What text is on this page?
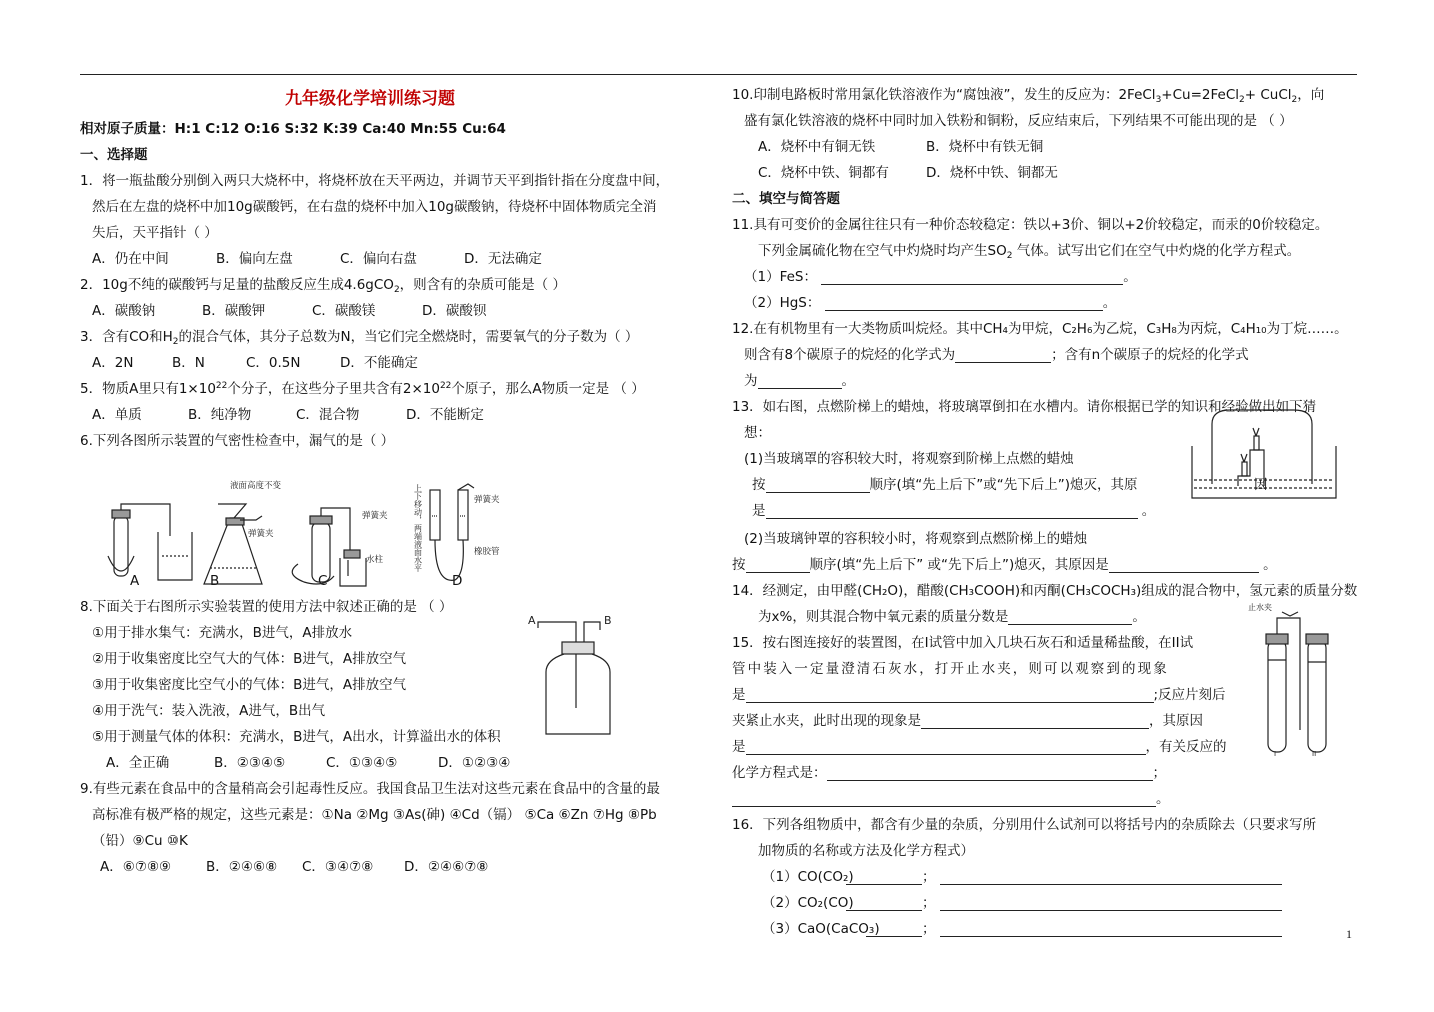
九年级化学培训练习题
相对原子质量：H:1 C:12 O:16 S:32 K:39 Ca:40 Mn:55 Cu:64
一、选择题
1．将一瓶盐酸分别倒入两只大烧杯中，将烧杯放在天平两边，并调节天平到指针指在分度盘中间，
然后在左盘的烧杯中加10g碳酸钙，在右盘的烧杯中加入10g碳酸钠，待烧杯中固体物质完全消
失后，天平指针（ ）
A．仍在中间	B．偏向左盘	C．偏向右盘	D．无法确定
2．10g不纯的碳酸钙与足量的盐酸反应生成4.6gCO$_2$，则含有的杂质可能是（ ）
A．碳酸钠	B．碳酸钾	C．碳酸镁	D．碳酸钡
3．含有CO和$H_2$的混合气体，其分子总数为N，当它们完全燃烧时，需要氧气的分子数为（ ）
A．2N	B．N	C．0.5N	D．不能确定
5．物质A里只有$1\times 10^{22}$个分子，在这些分子里共含有$2\times 10^{22}$个原子，那么A物质一定是 （ ）
A．单质	B．纯净物	C．混合物	D．不能断定
6.下列各图所示装置的气密性检查中，漏气的是（ ）
A	B	C	D
8.下面关于右图所示实验装置的使用方法中叙述正确的是 （ ）
①用于排水集气：充满水，B进气，A排放水
②用于收集密度比空气大的气体：B进气，A排放空气
③用于收集密度比空气小的气体：B进气，A排放空气
④用于洗气：装入洗液，A进气，B出气
⑤用于测量气体的体积：充满水，B进气，A出水，计算溢出水的体积
A．全正确	B．②③④⑤	C．①③④⑤	D．①②③④
9.有些元素在食品中的含量稍高会引起毒性反应。我国食品卫生法对这些元素在食品中的含量的最
高标准有极严格的规定，这些元素是：①Na ②Mg ③As(砷) ④Cd（镉） ⑤Ca ⑥Zn ⑦Hg ⑧Pb
（铅）⑨Cu ⑩K
A．⑥⑦⑧⑨	B．②④⑥⑧ C．③④⑦⑧ D．②④⑥⑦⑧
液面高度不变
弹簧夹
弹簧夹
水柱
弹簧夹
橡胶管
上下移动，两端液面水平
A	B
10.印制电路板时常用氯化铁溶液作为“腐蚀液”，发生的反应为：2FeCl$_3$+Cu=2FeCl$_2$+ CuCl$_2$，向
盛有氯化铁溶液的烧杯中同时加入铁粉和铜粉，反应结束后，下列结果不可能出现的是 （ ）
A．烧杯中有铜无铁	B．烧杯中有铁无铜
C．烧杯中铁、铜都有	D．烧杯中铁、铜都无
二、填空与简答题
11.具有可变价的金属往往只有一种价态较稳定：铁以+3价、铜以+2价较稳定，而汞的0价较稳定。
下列金属硫化物在空气中灼烧时均产生$SO_2$ 气体。试写出它们在空气中灼烧的化学方程式。
（1）FeS：	。
（2）HgS：	。
12.在有机物里有一大类物质叫烷烃。其中CH₄为甲烷，C₂H₆为乙烷，C₃H₈为丙烷，C₄H₁₀为丁烷……。
则含有8个碳原子的烷烃的化学式为	；含有n个碳原子的烷烃的化学式
为	。
13．如右图，点燃阶梯上的蜡烛，将玻璃罩倒扣在水槽内。请你根据已学的知识和经验做出如下猜
想：
(1)当玻璃罩的容积较大时，将观察到阶梯上点燃的蜡烛
按	顺序(填“先上后下”或“先下后上”)熄灭，其原	因
是	。
(2)当玻璃钟罩的容积较小时，将观察到点燃阶梯上的蜡烛
按	顺序(填“先上后下” 或“先下后上”)熄灭，其原因是	。
14．经测定，由甲醛(CH₂O)，醋酸(CH₃COOH)和丙酮(CH₃COCH₃)组成的混合物中，氢元素的质量分数
为x%，则其混合物中氧元素的质量分数是	。
15．按右图连接好的装置图，在I试管中加入几块石灰石和适量稀盐酸，在II试
管中装入一定量澄清石灰水，打开止水夹，则可以观察到的现象
是	;反应片刻后
夹紧止水夹，此时出现的现象是	，其原因
是	，有关反应的
化学方程式是：	；
。
16．下列各组物质中，都含有少量的杂质，分别用什么试剂可以将括号内的杂质除去（只要求写所
加物质的名称或方法及化学方程式）
（1）CO(CO₂)	；
（2）CO₂(CO)	；
（3）CaO(CaCO₃)	；
止水夹
I	II
1
